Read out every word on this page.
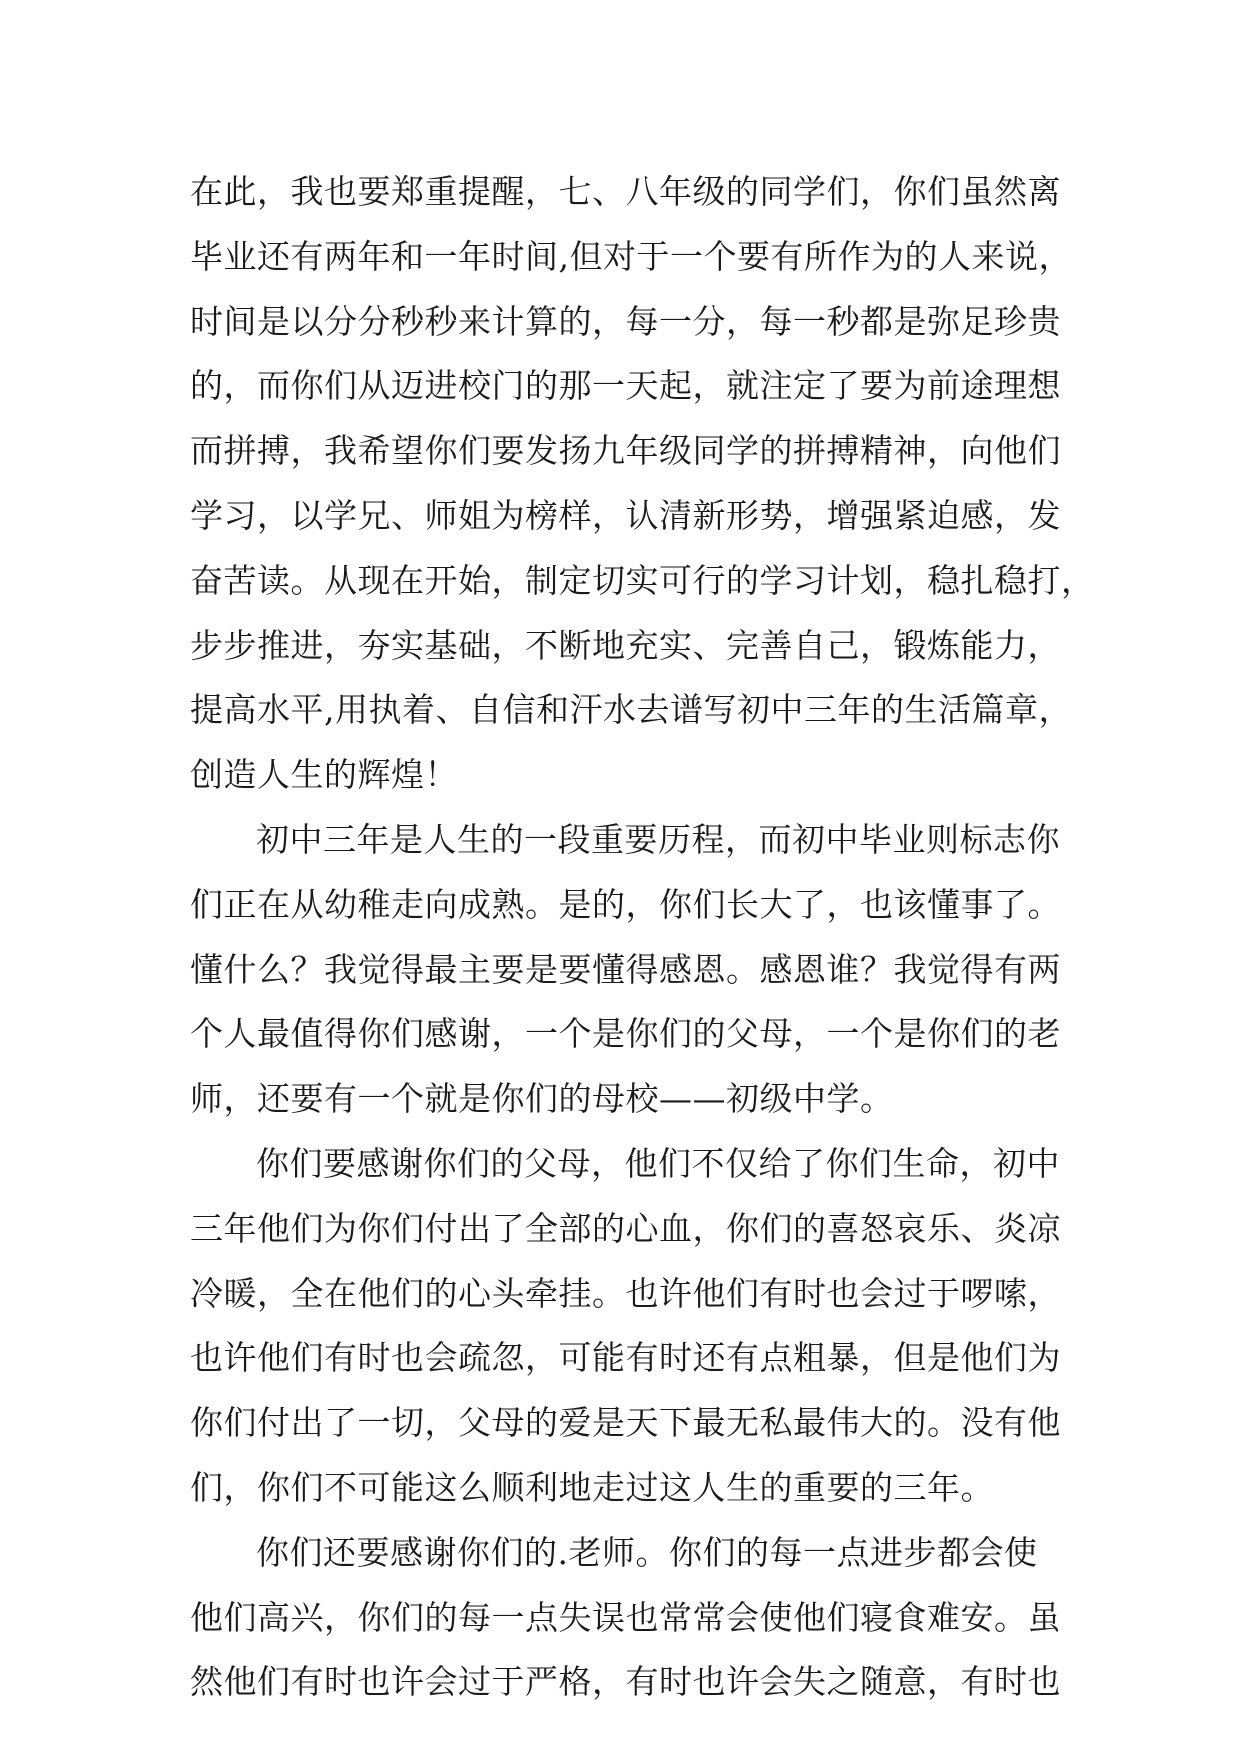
在此，我也要郑重提醒，七、八年级的同学们，你们虽然离
毕业还有两年和一年时间,但对于一个要有所作为的人来说，
时间是以分分秒秒来计算的，每一分，每一秒都是弥足珍贵
的，而你们从迈进校门的那一天起，就注定了要为前途理想
而拼搏，我希望你们要发扬九年级同学的拼搏精神，向他们
学习，以学兄、师姐为榜样，认清新形势，增强紧迫感，发
奋苦读。从现在开始，制定切实可行的学习计划，稳扎稳打，
步步推进，夯实基础，不断地充实、完善自己，锻炼能力，
提高水平,用执着、自信和汗水去谱写初中三年的生活篇章，
创造人生的辉煌！
初中三年是人生的一段重要历程，而初中毕业则标志你
们正在从幼稚走向成熟。是的，你们长大了，也该懂事了。
懂什么？我觉得最主要是要懂得感恩。感恩谁？我觉得有两
个人最值得你们感谢，一个是你们的父母，一个是你们的老
师，还要有一个就是你们的母校——初级中学。
你们要感谢你们的父母，他们不仅给了你们生命，初中
三年他们为你们付出了全部的心血，你们的喜怒哀乐、炎凉
冷暖，全在他们的心头牵挂。也许他们有时也会过于啰嗦，
也许他们有时也会疏忽，可能有时还有点粗暴，但是他们为
你们付出了一切，父母的爱是天下最无私最伟大的。没有他
们，你们不可能这么顺利地走过这人生的重要的三年。
你们还要感谢你们的.老师。你们的每一点进步都会使
他们高兴，你们的每一点失误也常常会使他们寝食难安。虽
然他们有时也许会过于严格，有时也许会失之随意，有时也
